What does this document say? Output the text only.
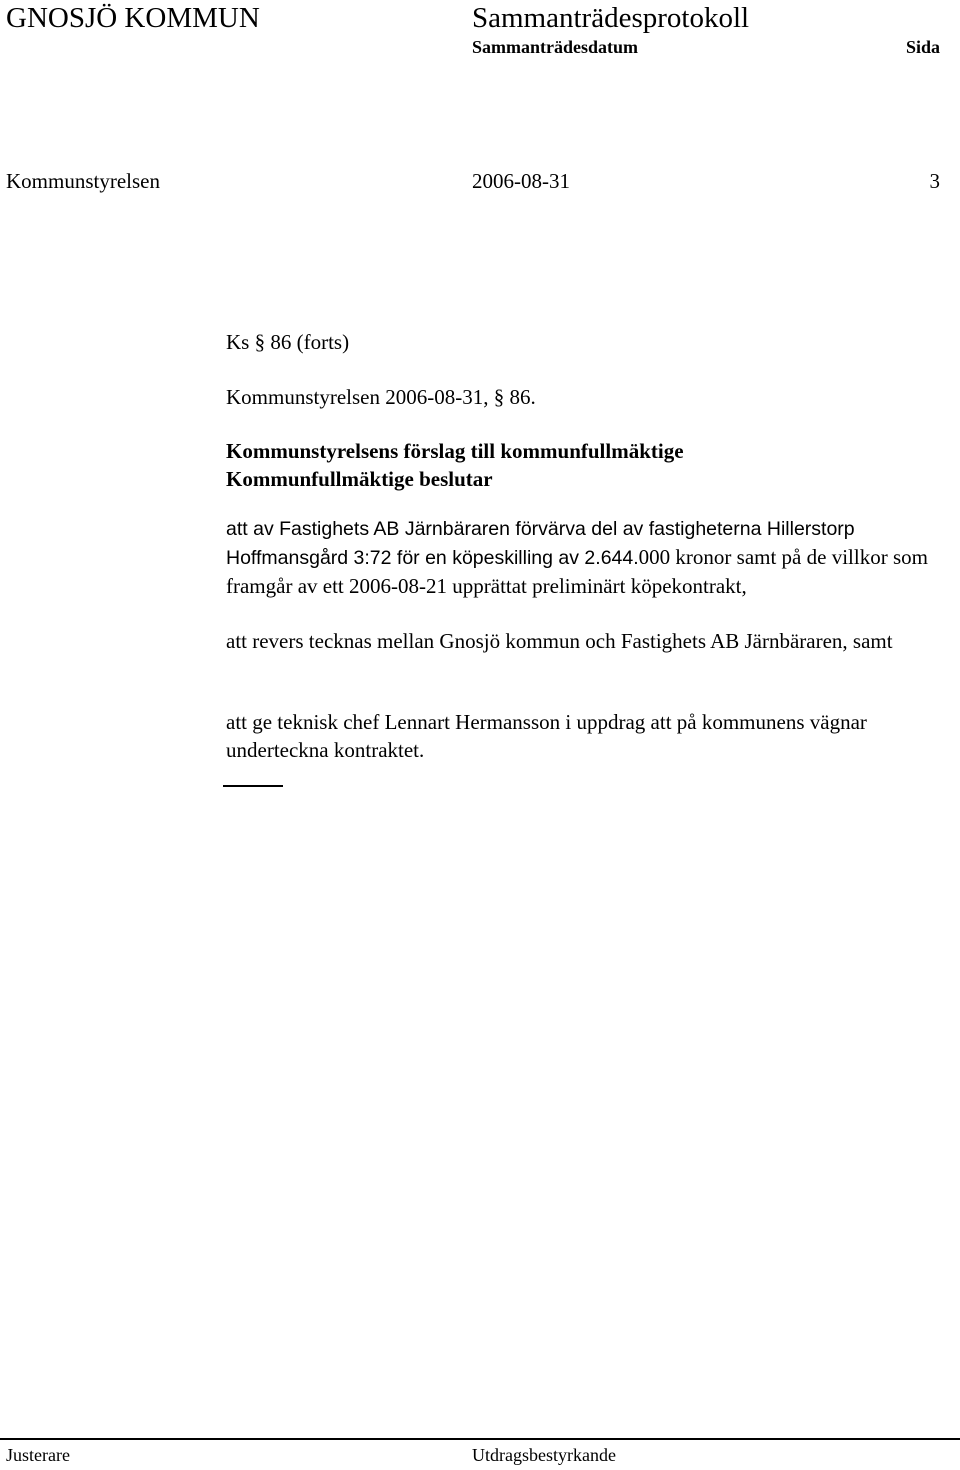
GNOSJÖ KOMMUN	Sammanträdesprotokoll
Sammanträdesdatum	Sida
Kommunstyrelsen	2006-08-31	3
Ks § 86 (forts)
Kommunstyrelsen 2006-08-31, § 86.
Kommunstyrelsens förslag till kommunfullmäktige
Kommunfullmäktige beslutar
att av Fastighets AB Järnbäraren förvärva del av fastigheterna Hillerstorp Hoffmansgård 3:72 för en köpeskilling av 2.644.000 kronor samt på de villkor som framgår av ett 2006-08-21 upprättat preliminärt köpekontrakt,
att revers tecknas mellan Gnosjö kommun och Fastighets AB Järnbäraren, samt
att ge teknisk chef Lennart Hermansson i uppdrag att på kommunens vägnar underteckna kontraktet.
Justerare	Utdragsbestyrkande
